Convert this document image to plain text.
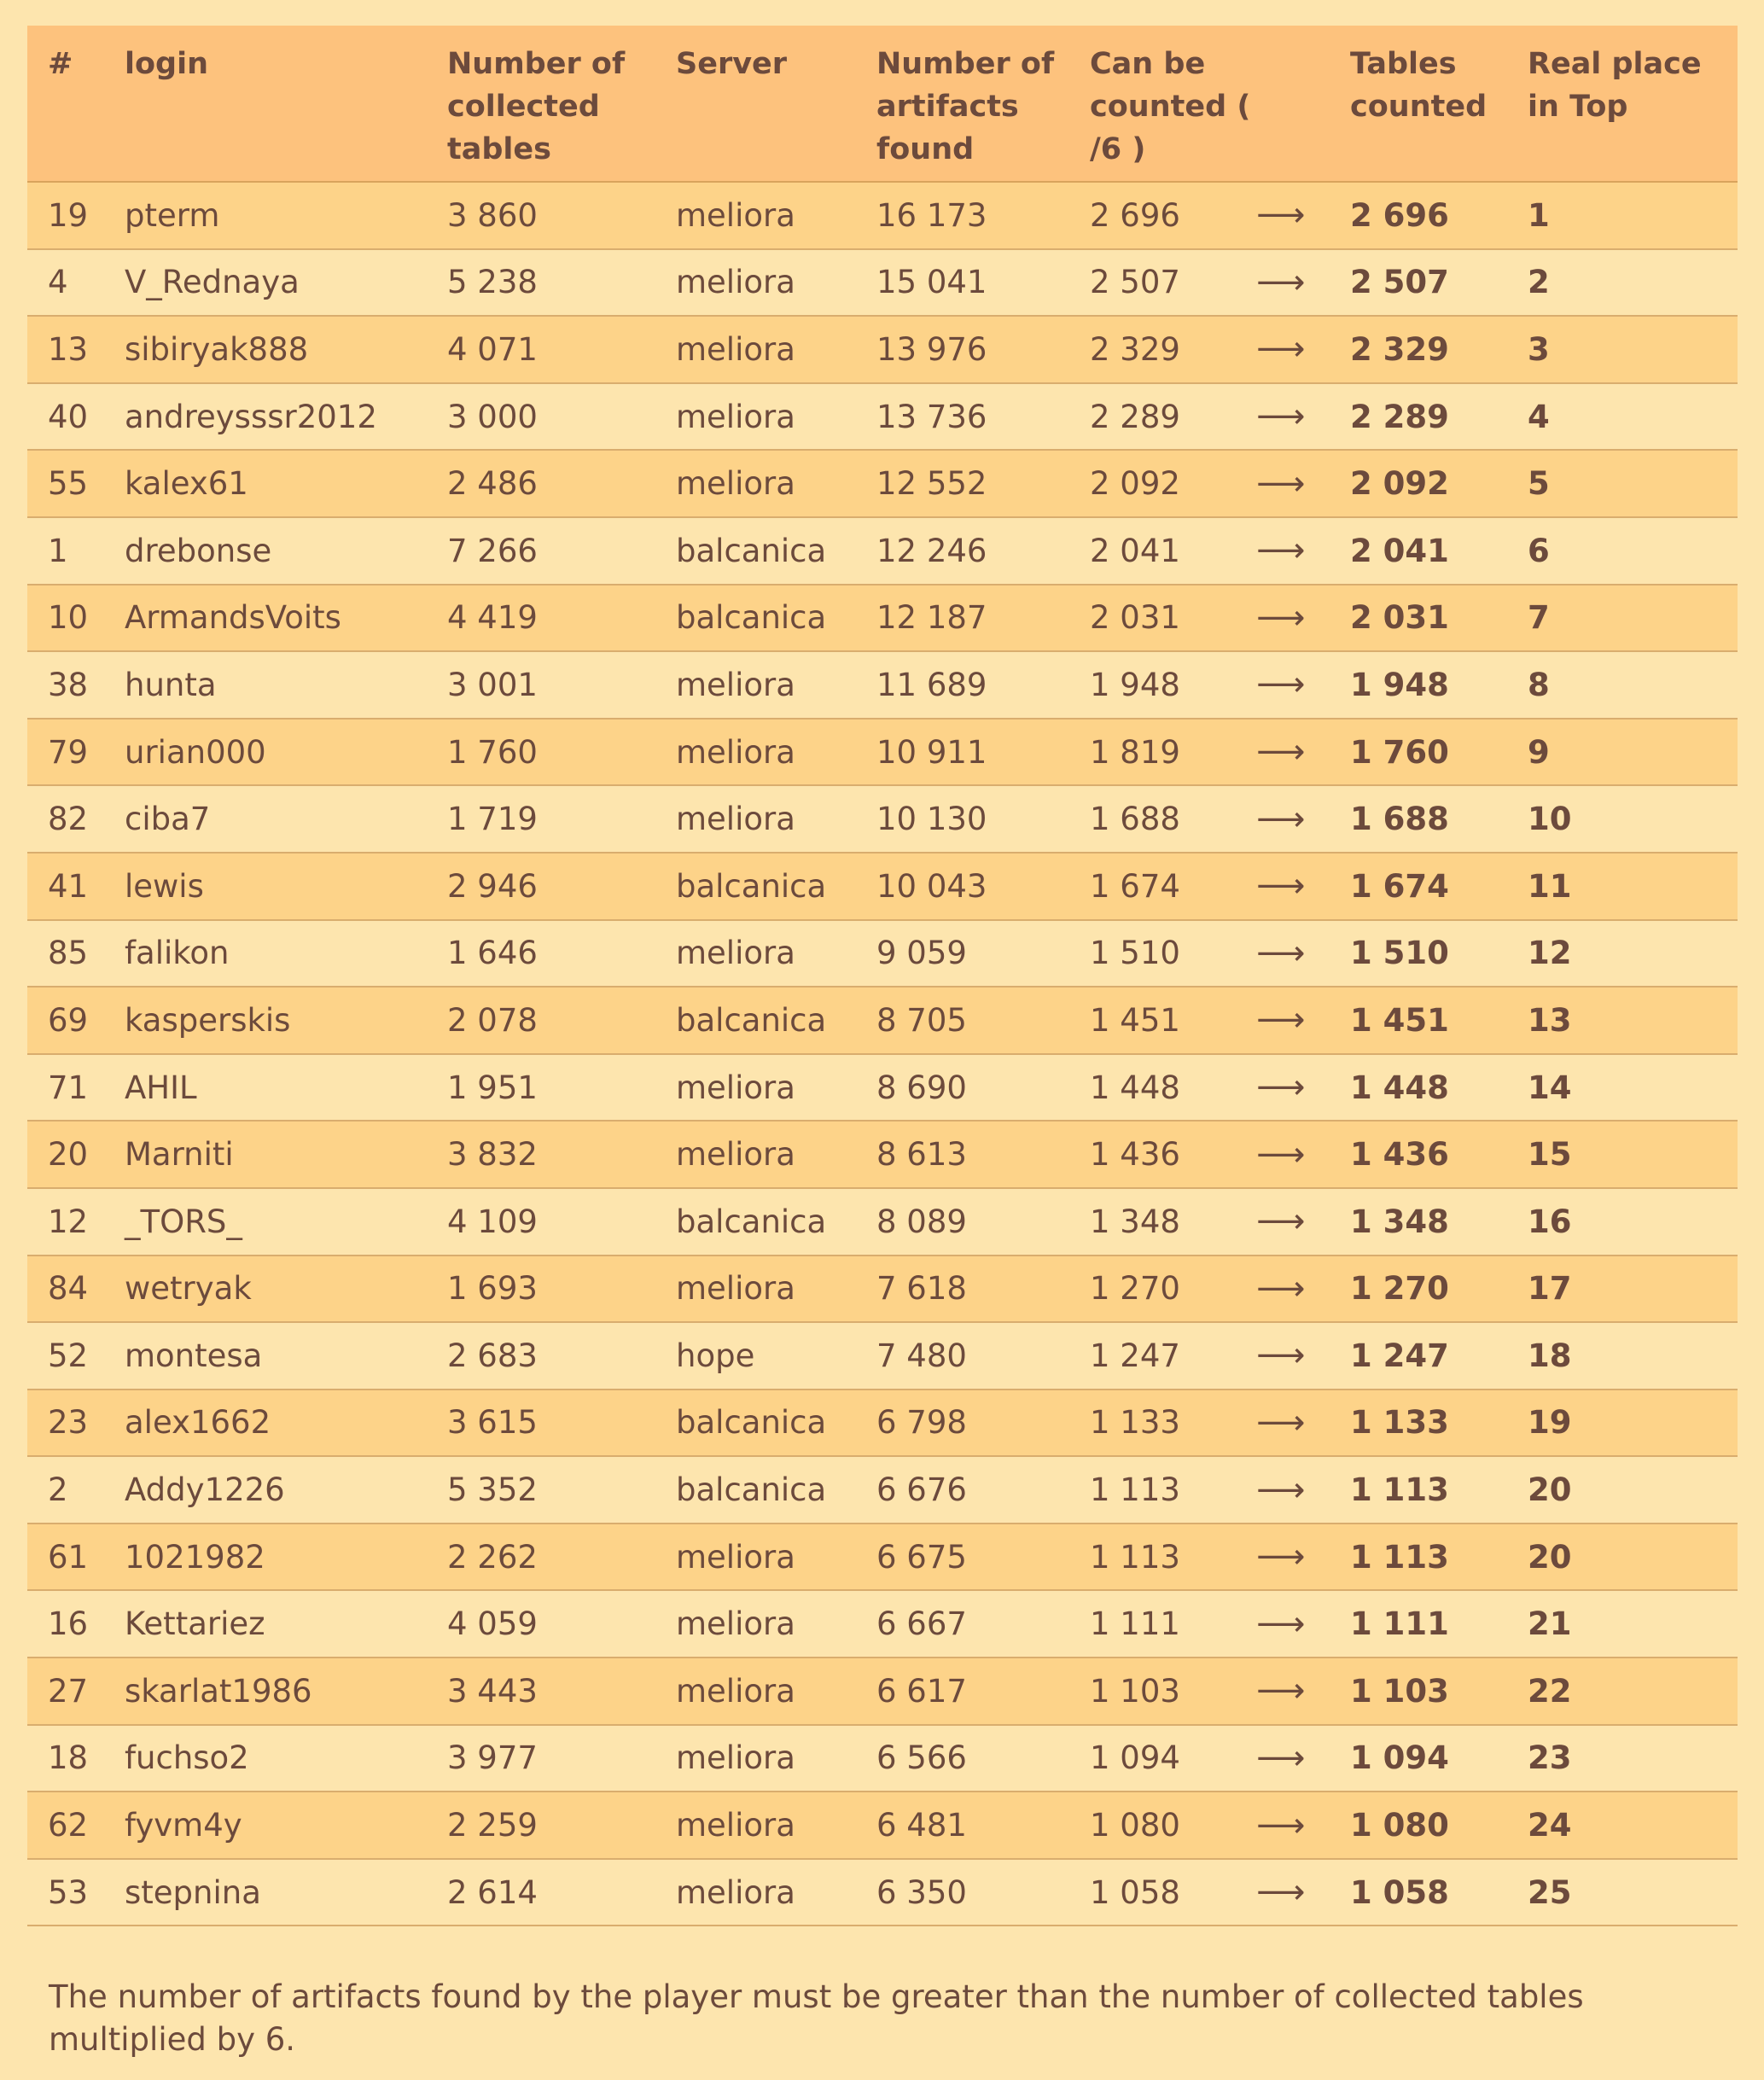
#	login	Number of collected tables	Server	Number of artifacts found	Can be counted ( /6 )		Tables counted	Real place in Top
19	pterm	3 860	meliora	16 173	2 696	⟶	2 696	1
4	V_Rednaya	5 238	meliora	15 041	2 507	⟶	2 507	2
13	sibiryak888	4 071	meliora	13 976	2 329	⟶	2 329	3
40	andreysssr2012	3 000	meliora	13 736	2 289	⟶	2 289	4
55	kalex61	2 486	meliora	12 552	2 092	⟶	2 092	5
1	drebonse	7 266	balcanica	12 246	2 041	⟶	2 041	6
10	ArmandsVoits	4 419	balcanica	12 187	2 031	⟶	2 031	7
38	hunta	3 001	meliora	11 689	1 948	⟶	1 948	8
79	urian000	1 760	meliora	10 911	1 819	⟶	1 760	9
82	ciba7	1 719	meliora	10 130	1 688	⟶	1 688	10
41	lewis	2 946	balcanica	10 043	1 674	⟶	1 674	11
85	falikon	1 646	meliora	9 059	1 510	⟶	1 510	12
69	kasperskis	2 078	balcanica	8 705	1 451	⟶	1 451	13
71	AHIL	1 951	meliora	8 690	1 448	⟶	1 448	14
20	Marniti	3 832	meliora	8 613	1 436	⟶	1 436	15
12	_TORS_	4 109	balcanica	8 089	1 348	⟶	1 348	16
84	wetryak	1 693	meliora	7 618	1 270	⟶	1 270	17
52	montesa	2 683	hope	7 480	1 247	⟶	1 247	18
23	alex1662	3 615	balcanica	6 798	1 133	⟶	1 133	19
2	Addy1226	5 352	balcanica	6 676	1 113	⟶	1 113	20
61	1021982	2 262	meliora	6 675	1 113	⟶	1 113	20
16	Kettariez	4 059	meliora	6 667	1 111	⟶	1 111	21
27	skarlat1986	3 443	meliora	6 617	1 103	⟶	1 103	22
18	fuchso2	3 977	meliora	6 566	1 094	⟶	1 094	23
62	fyvm4y	2 259	meliora	6 481	1 080	⟶	1 080	24
53	stepnina	2 614	meliora	6 350	1 058	⟶	1 058	25
The number of artifacts found by the player must be greater than the number of collected tables multiplied by 6.
